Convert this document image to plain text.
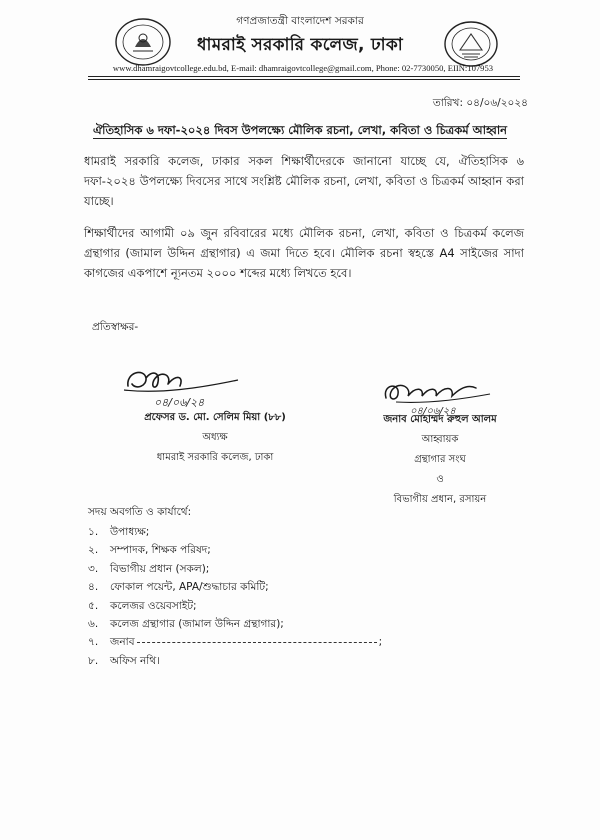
গণপ্রজাতন্ত্রী বাংলাদেশ সরকার
ধামরাই সরকারি কলেজ, ঢাকা
www.dhamraigovtcollege.edu.bd, E-mail: dhamraigovtcollege@gmail.com, Phone: 02-7730050, EIIN:107953
তারিখ: ০৪/০৬/২০২৪
ঐতিহাসিক ৬ দফা-২০২৪ দিবস উপলক্ষ্যে মৌলিক রচনা, লেখা, কবিতা ও চিত্রকর্ম আহ্বান
ধামরাই সরকারি কলেজ, ঢাকার সকল শিক্ষার্থীদেরকে জানানো যাচ্ছে যে, ঐতিহাসিক ৬ দফা-২০২৪ উপলক্ষ্যে দিবসের সাথে সংশ্লিষ্ট মৌলিক রচনা, লেখা, কবিতা ও চিত্রকর্ম আহ্বান করা যাচ্ছে।
শিক্ষার্থীদের আগামী ০৯ জুন রবিবারের মধ্যে মৌলিক রচনা, লেখা, কবিতা ও চিত্রকর্ম কলেজ গ্রন্থাগার (জামাল উদ্দিন গ্রন্থাগার) এ জমা দিতে হবে। মৌলিক রচনা স্বহস্তে A4 সাইজের সাদা কাগজের একপাশে ন্যূনতম ২০০০ শব্দের মধ্যে লিখতে হবে।
প্রতিস্বাক্ষর-
০৪/০৬/২৪
০৪/০৬/২৪
প্রফেসর ড. মো. সেলিম মিয়া (৮৮)
অধ্যক্ষ
ধামরাই সরকারি কলেজ, ঢাকা
জনাব মোহাম্মদ রুহুল আলম
আহ্বায়ক
গ্রন্থাগার সংঘ
ও
বিভাগীয় প্রধান, রসায়ন
সদয় অবগতি ও কার্যার্থে:
১. উপাধ্যক্ষ;
২. সম্পাদক, শিক্ষক পরিষদ;
৩. বিভাগীয় প্রধান (সকল);
৪. ফোকাল পয়েন্ট, APA/শুদ্ধাচার কমিটি;
৫. কলেজর ওয়েবসাইট;
৬. কলেজ গ্রন্থাগার (জামাল উদ্দিন গ্রন্থাগার);
৭. জনাব	;
৮. অফিস নথি।
